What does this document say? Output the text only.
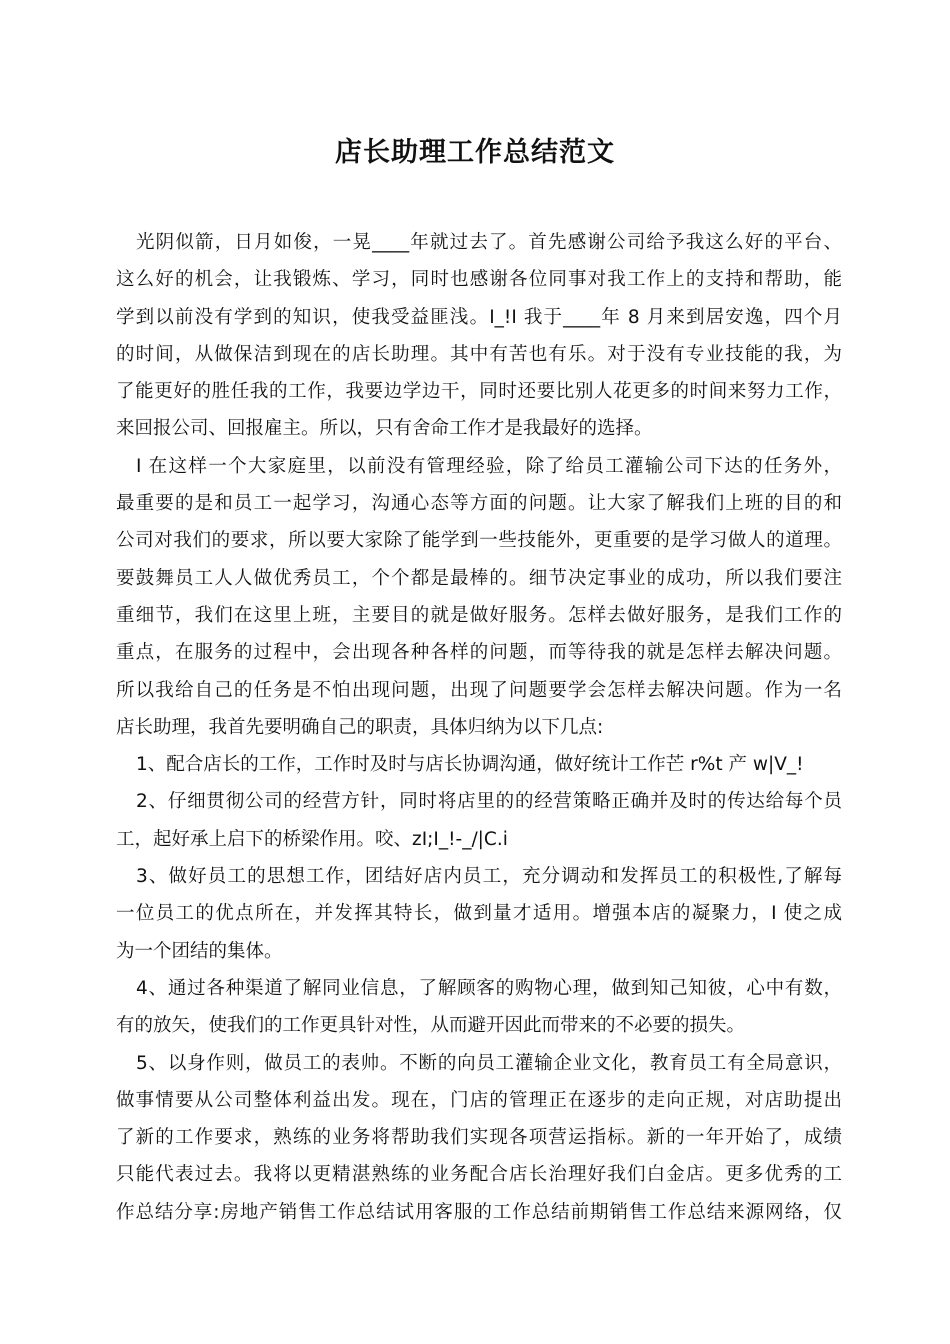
店长助理工作总结范文
光阴似箭，日月如俊，一晃____年就过去了。首先感谢公司给予我这么好的平台、
这么好的机会，让我锻炼、学习，同时也感谢各位同事对我工作上的支持和帮助，能
学到以前没有学到的知识，使我受益匪浅。I_!I 我于____年 8 月来到居安逸，四个月
的时间，从做保洁到现在的店长助理。其中有苦也有乐。对于没有专业技能的我，为
了能更好的胜任我的工作，我要边学边干，同时还要比别人花更多的时间来努力工作，
来回报公司、回报雇主。所以，只有舍命工作才是我最好的选择。
I 在这样一个大家庭里，以前没有管理经验，除了给员工灌输公司下达的任务外，
最重要的是和员工一起学习，沟通心态等方面的问题。让大家了解我们上班的目的和
公司对我们的要求，所以要大家除了能学到一些技能外，更重要的是学习做人的道理。
要鼓舞员工人人做优秀员工，个个都是最棒的。细节决定事业的成功，所以我们要注
重细节，我们在这里上班，主要目的就是做好服务。怎样去做好服务，是我们工作的
重点，在服务的过程中，会出现各种各样的问题，而等待我的就是怎样去解决问题。
所以我给自己的任务是不怕出现问题，出现了问题要学会怎样去解决问题。作为一名
店长助理，我首先要明确自己的职责，具体归纳为以下几点:
1、配合店长的工作，工作时及时与店长协调沟通，做好统计工作芒 r%t 产 w|V_!
2、仔细贯彻公司的经营方针，同时将店里的的经营策略正确并及时的传达给每个员
工，起好承上启下的桥梁作用。咬、zI;I_!-_/|C.i
3、做好员工的思想工作，团结好店内员工，充分调动和发挥员工的积极性,了解每
一位员工的优点所在，并发挥其特长，做到量才适用。增强本店的凝聚力，I 使之成
为一个团结的集体。
4、通过各种渠道了解同业信息，了解顾客的购物心理，做到知己知彼，心中有数，
有的放矢，使我们的工作更具针对性，从而避开因此而带来的不必要的损失。
5、以身作则，做员工的表帅。不断的向员工灌输企业文化，教育员工有全局意识，
做事情要从公司整体利益出发。现在，门店的管理正在逐步的走向正规，对店助提出
了新的工作要求，熟练的业务将帮助我们实现各项营运指标。新的一年开始了，成绩
只能代表过去。我将以更精湛熟练的业务配合店长治理好我们白金店。更多优秀的工
作总结分享:房地产销售工作总结试用客服的工作总结前期销售工作总结来源网络，仅
